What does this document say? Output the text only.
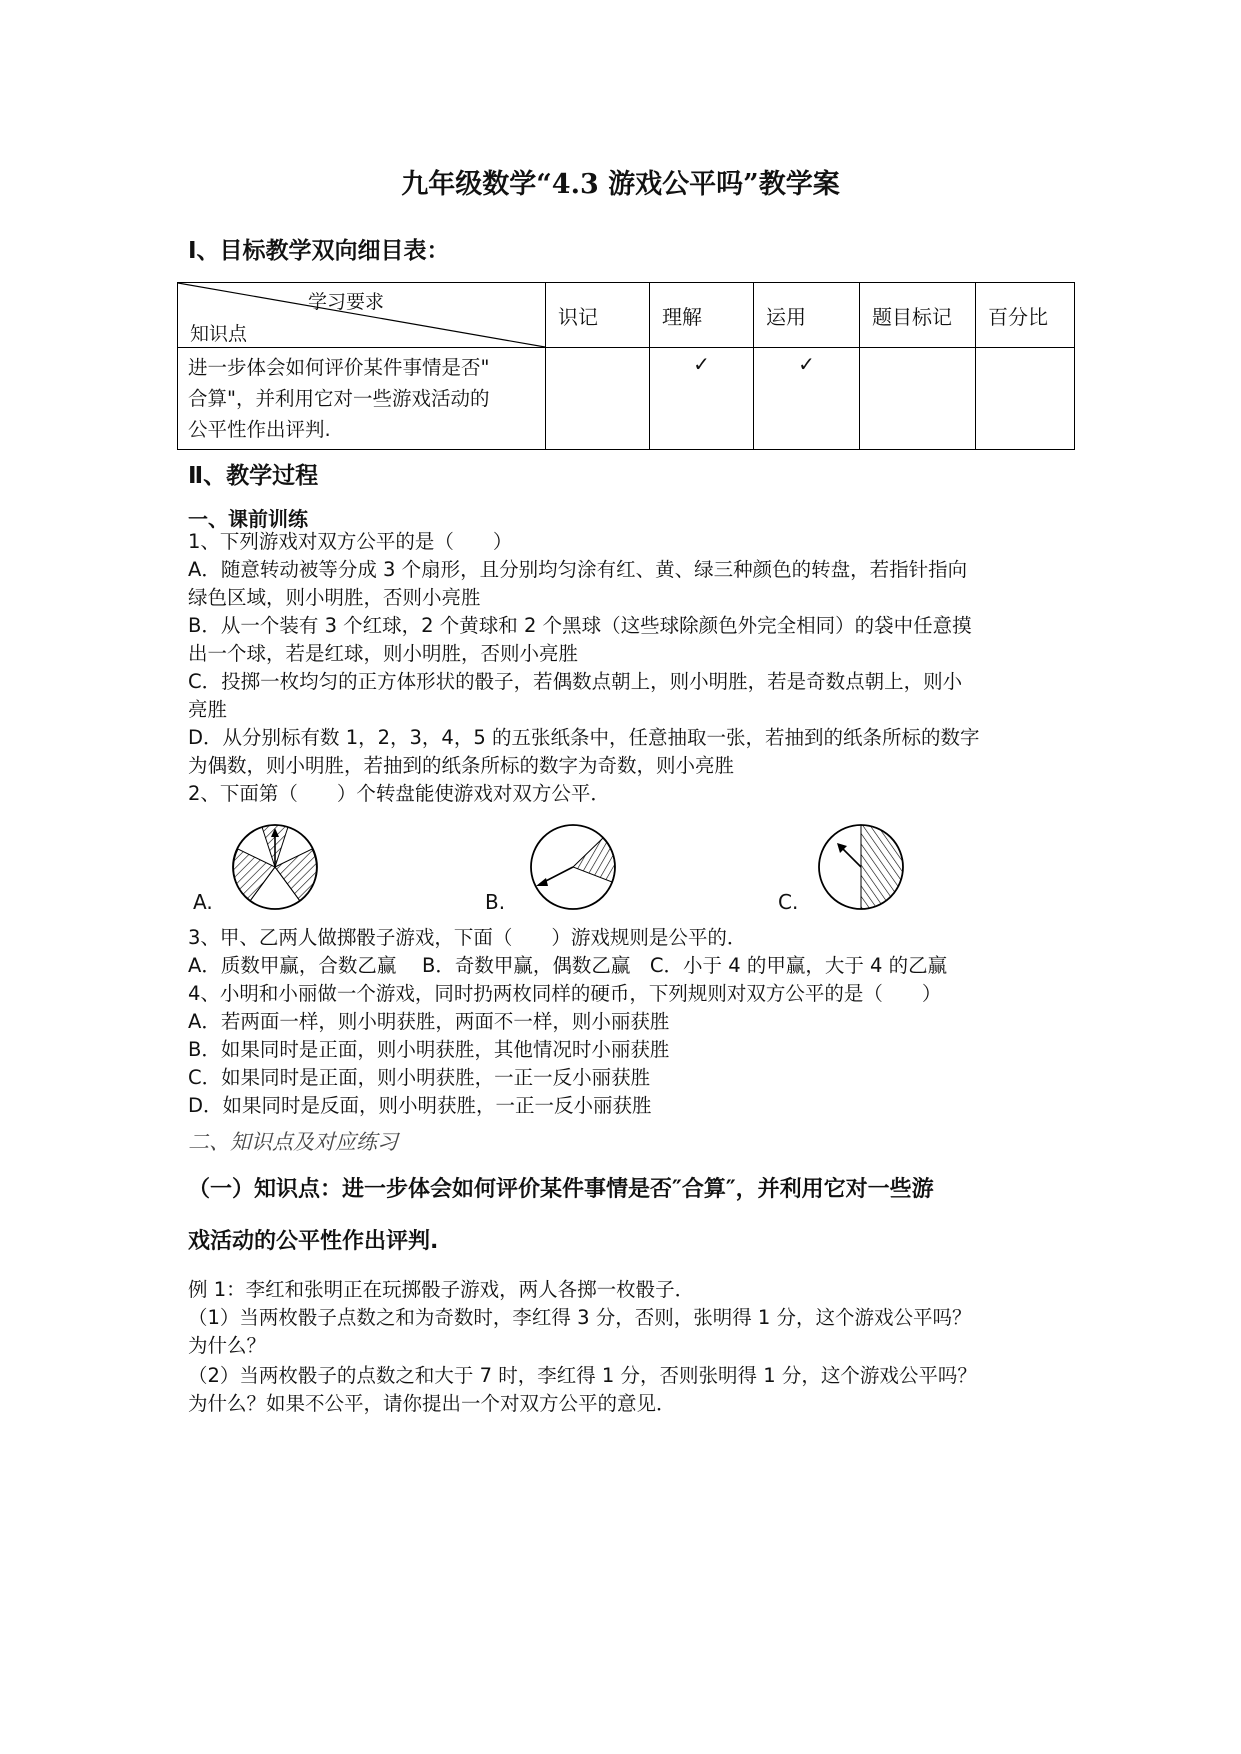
九年级数学“4.3 游戏公平吗”教学案
Ⅰ、目标教学双向细目表：
学习要求
知识点	识记	理解	运用	题目标记	百分比

进一步体会如何评价某件事情是否"
合算"，并利用它对一些游戏活动的
公平性作出评判.		✓	✓		
Ⅱ、教学过程
一、课前训练
1、下列游戏对双方公平的是（　　）
A．随意转动被等分成 3 个扇形，且分别均匀涂有红、黄、绿三种颜色的转盘，若指针指向
绿色区域，则小明胜，否则小亮胜
B．从一个装有 3 个红球，2 个黄球和 2 个黑球（这些球除颜色外完全相同）的袋中任意摸
出一个球，若是红球，则小明胜，否则小亮胜
C．投掷一枚均匀的正方体形状的骰子，若偶数点朝上，则小明胜，若是奇数点朝上，则小
亮胜
D．从分别标有数 1，2，3，4，5 的五张纸条中，任意抽取一张，若抽到的纸条所标的数字
为偶数，则小明胜，若抽到的纸条所标的数字为奇数，则小亮胜
2、下面第（　　）个转盘能使游戏对双方公平．
A.	B.	C.
3、甲、乙两人做掷骰子游戏，下面（　　）游戏规则是公平的．
A．质数甲赢，合数乙赢　 B．奇数甲赢，偶数乙赢　C．小于 4 的甲赢，大于 4 的乙赢
4、小明和小丽做一个游戏，同时扔两枚同样的硬币，下列规则对双方公平的是（　　）
A．若两面一样，则小明获胜，两面不一样，则小丽获胜
B．如果同时是正面，则小明获胜，其他情况时小丽获胜
C．如果同时是正面，则小明获胜，一正一反小丽获胜
D．如果同时是反面，则小明获胜，一正一反小丽获胜
二、知识点及对应练习
（一）知识点：进一步体会如何评价某件事情是否″合算″，并利用它对一些游
戏活动的公平性作出评判.
例 1：李红和张明正在玩掷骰子游戏，两人各掷一枚骰子．
（1）当两枚骰子点数之和为奇数时，李红得 3 分，否则，张明得 1 分，这个游戏公平吗？
为什么？
（2）当两枚骰子的点数之和大于 7 时，李红得 1 分，否则张明得 1 分，这个游戏公平吗？
为什么？如果不公平，请你提出一个对双方公平的意见．
